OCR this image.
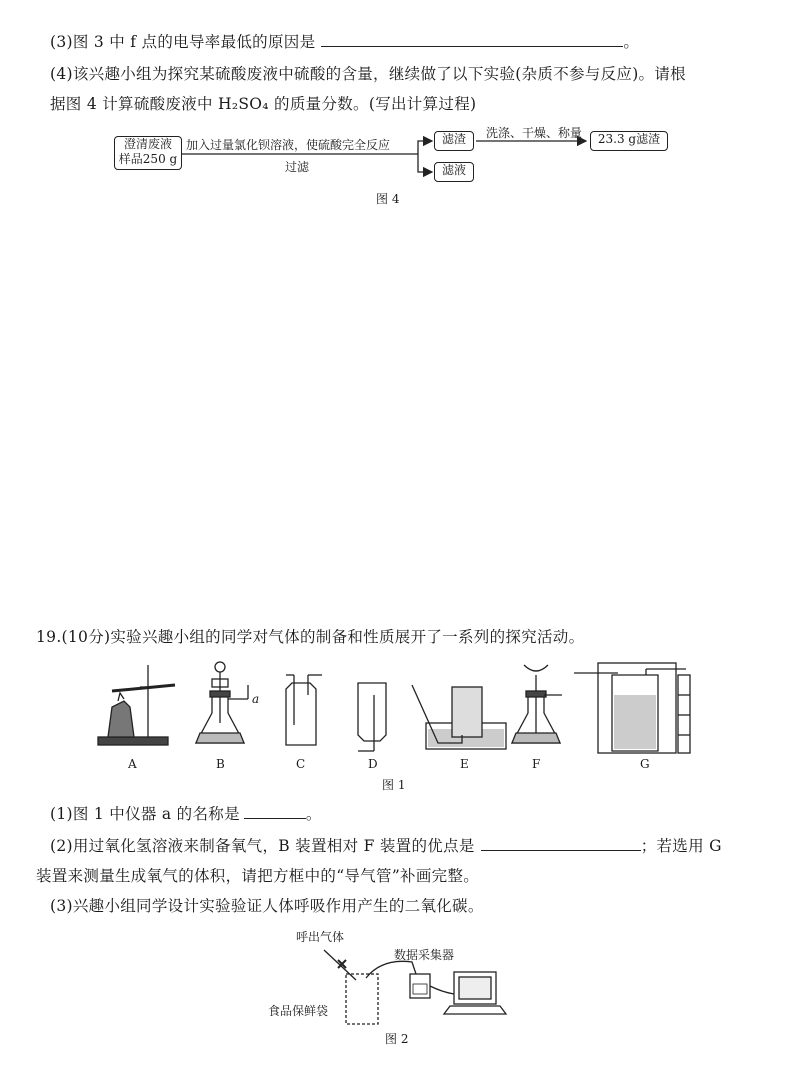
(3)图 3 中 f 点的电导率最低的原因是	。
(4)该兴趣小组为探究某硫酸废液中硫酸的含量，继续做了以下实验(杂质不参与反应)。请根
据图 4 计算硫酸废液中 H₂SO₄ 的质量分数。(写出计算过程)
澄清废液
样品250 g
加入过量氯化钡溶液，使硫酸完全反应
过滤
滤渣
滤液
洗涤、干燥、称量	23.3 g滤渣
图 4
19.(10分)实验兴趣小组的同学对气体的制备和性质展开了一系列的探究活动。
a
A	B	C	D	E	F	G
图 1
(1)图 1 中仪器 a 的名称是	。
(2)用过氧化氢溶液来制备氧气，B 装置相对 F 装置的优点是	；若选用 G
装置来测量生成氧气的体积，请把方框中的“导气管”补画完整。
(3)兴趣小组同学设计实验验证人体呼吸作用产生的二氧化碳。
呼出气体
数据采集器
食品保鲜袋
图 2
